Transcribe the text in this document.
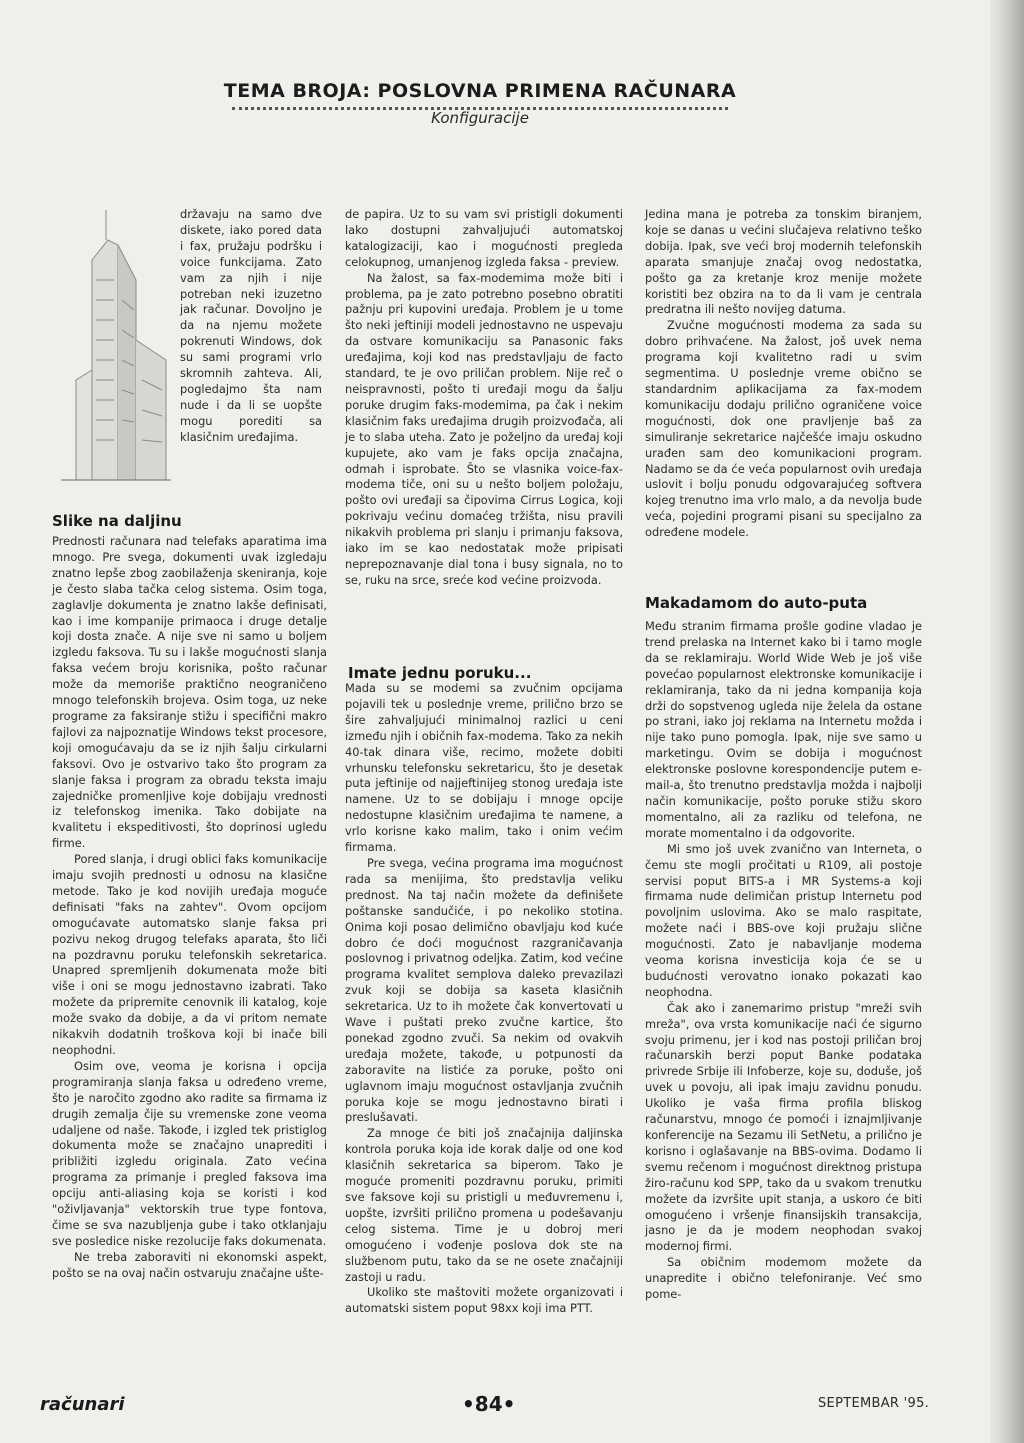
TEMA BROJA: POSLOVNA PRIMENA RAČUNARA
Konfiguracije

državaju na samo dve diskete, iako pored data i fax, pružaju podršku i voice funkcijama. Zato vam za njih i nije potreban neki izuzetno jak računar. Dovoljno je da na njemu možete pokrenuti Windows, dok su sami programi vrlo skromnih zahteva. Ali, pogledajmo šta nam nude i da li se uopšte mogu porediti sa klasičnim uređajima.

Slike na daljinu

Prednosti računara nad telefaks aparatima ima mnogo. Pre svega, dokumenti uvak izgledaju znatno lepše zbog zaobilaženja skeniranja, koje je često slaba tačka celog sistema. Osim toga, zaglavlje dokumenta je znatno lakše definisati, kao i ime kompanije primaoca i druge detalje koji dosta znače. A nije sve ni samo u boljem izgledu faksova. Tu su i lakše mogućnosti slanja faksa većem broju korisnika, pošto računar može da memoriše praktično neograničeno mnogo telefonskih brojeva. Osim toga, uz neke programe za faksiranje stižu i specifični makro fajlovi za najpoznatije Windows tekst procesore, koji omogućavaju da se iz njih šalju cirkularni faksovi. Ovo je ostvarivo tako što program za slanje faksa i program za obradu teksta imaju zajedničke promenljive koje dobijaju vrednosti iz telefonskog imenika. Tako dobijate na kvalitetu i ekspeditivosti, što doprinosi ugledu firme.

Pored slanja, i drugi oblici faks komunikacije imaju svojih prednosti u odnosu na klasične metode. Tako je kod novijih uređaja moguće definisati "faks na zahtev". Ovom opcijom omogućavate automatsko slanje faksa pri pozivu nekog drugog telefaks aparata, što liči na pozdravnu poruku telefonskih sekretarica. Unapred spremljenih dokumenata može biti više i oni se mogu jednostavno izabrati. Tako možete da pripremite cenovnik ili katalog, koje može svako da dobije, a da vi pritom nemate nikakvih dodatnih troškova koji bi inače bili neophodni.

Osim ove, veoma je korisna i opcija programiranja slanja faksa u određeno vreme, što je naročito zgodno ako radite sa firmama iz drugih zemalja čije su vremenske zone veoma udaljene od naše. Takođe, i izgled tek pristiglog dokumenta može se značajno unaprediti i približiti izgledu originala. Zato većina programa za primanje i pregled faksova ima opciju anti-aliasing koja se koristi i kod "oživljavanja" vektorskih true type fontova, čime se sva nazubljenja gube i tako otklanjaju sve posledice niske rezolucije faks dokumenata.

Ne treba zaboraviti ni ekonomski aspekt, pošto se na ovaj način ostvaruju značajne ušte-

de papira. Uz to su vam svi pristigli dokumenti lako dostupni zahvaljujući automatskoj katalogizaciji, kao i mogućnosti pregleda celokupnog, umanjenog izgleda faksa - preview.

Na žalost, sa fax-modemima može biti i problema, pa je zato potrebno posebno obratiti pažnju pri kupovini uređaja. Problem je u tome što neki jeftiniji modeli jednostavno ne uspevaju da ostvare komunikaciju sa Panasonic faks uređajima, koji kod nas predstavljaju de facto standard, te je ovo priličan problem. Nije reč o neispravnosti, pošto ti uređaji mogu da šalju poruke drugim faks-modemima, pa čak i nekim klasičnim faks uređajima drugih proizvođača, ali je to slaba uteha. Zato je poželjno da uređaj koji kupujete, ako vam je faks opcija značajna, odmah i isprobate. Što se vlasnika voice-fax-modema tiče, oni su u nešto boljem položaju, pošto ovi uređaji sa čipovima Cirrus Logica, koji pokrivaju većinu domaćeg tržišta, nisu pravili nikakvih problema pri slanju i primanju faksova, iako im se kao nedostatak može pripisati neprepoznavanje dial tona i busy signala, no to se, ruku na srce, sreće kod većine proizvoda.

Imate jednu poruku...

Mada su se modemi sa zvučnim opcijama pojavili tek u poslednje vreme, prilično brzo se šire zahvaljujući minimalnoj razlici u ceni između njih i običnih fax-modema. Tako za nekih 40-tak dinara više, recimo, možete dobiti vrhunsku telefonsku sekretaricu, što je desetak puta jeftinije od najjeftinijeg stonog uređaja iste namene. Uz to se dobijaju i mnoge opcije nedostupne klasičnim uređajima te namene, a vrlo korisne kako malim, tako i onim većim firmama.

Pre svega, većina programa ima mogućnost rada sa menijima, što predstavlja veliku prednost. Na taj način možete da definišete poštanske sandučiće, i po nekoliko stotina. Onima koji posao delimično obavljaju kod kuće dobro će doći mogućnost razgraničavanja poslovnog i privatnog odeljka. Zatim, kod većine programa kvalitet semplova daleko prevazilazi zvuk koji se dobija sa kaseta klasičnih sekretarica. Uz to ih možete čak konvertovati u Wave i puštati preko zvučne kartice, što ponekad zgodno zvuči. Sa nekim od ovakvih uređaja možete, takođe, u potpunosti da zaboravite na listiće za poruke, pošto oni uglavnom imaju mogućnost ostavljanja zvučnih poruka koje se mogu jednostavno birati i preslušavati.

Za mnoge će biti još značajnija daljinska kontrola poruka koja ide korak dalje od one kod klasičnih sekretarica sa biperom. Tako je moguće promeniti pozdravnu poruku, primiti sve faksove koji su pristigli u međuvremenu i, uopšte, izvršiti prilično promena u podešavanju celog sistema. Time je u dobroj meri omogućeno i vođenje poslova dok ste na službenom putu, tako da se ne osete značajniji zastoji u radu.

Ukoliko ste maštoviti možete organizovati i automatski sistem poput 98xx koji ima PTT.

Jedina mana je potreba za tonskim biranjem, koje se danas u većini slučajeva relativno teško dobija. Ipak, sve veći broj modernih telefonskih aparata smanjuje značaj ovog nedostatka, pošto ga za kretanje kroz menije možete koristiti bez obzira na to da li vam je centrala predratna ili nešto novijeg datuma.

Zvučne mogućnosti modema za sada su dobro prihvaćene. Na žalost, još uvek nema programa koji kvalitetno radi u svim segmentima. U poslednje vreme obično se standardnim aplikacijama za fax-modem komunikaciju dodaju prilično ograničene voice mogućnosti, dok one pravljenje baš za simuliranje sekretarice najčešće imaju oskudno urađen sam deo komunikacioni program. Nadamo se da će veća popularnost ovih uređaja uslovit i bolju ponudu odgovarajućeg softvera kojeg trenutno ima vrlo malo, a da nevolja bude veća, pojedini programi pisani su specijalno za određene modele.

Makadamom do auto-puta

Među stranim firmama prošle godine vladao je trend prelaska na Internet kako bi i tamo mogle da se reklamiraju. World Wide Web je još više povećao popularnost elektronske komunikacije i reklamiranja, tako da ni jedna kompanija koja drži do sopstvenog ugleda nije želela da ostane po strani, iako joj reklama na Internetu možda i nije tako puno pomogla. Ipak, nije sve samo u marketingu. Ovim se dobija i mogućnost elektronske poslovne korespondencije putem e-mail-a, što trenutno predstavlja možda i najbolji način komunikacije, pošto poruke stižu skoro momentalno, ali za razliku od telefona, ne morate momentalno i da odgovorite.

Mi smo još uvek zvanično van Interneta, o čemu ste mogli pročitati u R109, ali postoje servisi poput BITS-a i MR Systems-a koji firmama nude delimičan pristup Internetu pod povoljnim uslovima. Ako se malo raspitate, možete naći i BBS-ove koji pružaju slične mogućnosti. Zato je nabavljanje modema veoma korisna investicija koja će se u budućnosti verovatno ionako pokazati kao neophodna.

Čak ako i zanemarimo pristup "mreži svih mreža", ova vrsta komunikacije naći će sigurno svoju primenu, jer i kod nas postoji priličan broj računarskih berzi poput Banke podataka privrede Srbije ili Infoberze, koje su, doduše, još uvek u povoju, ali ipak imaju zavidnu ponudu. Ukoliko je vaša firma profila bliskog računarstvu, mnogo će pomoći i iznajmljivanje konferencije na Sezamu ili SetNetu, a prilično je korisno i oglašavanje na BBS-ovima. Dodamo li svemu rečenom i mogućnost direktnog pristupa žiro-računu kod SPP, tako da u svakom trenutku možete da izvršite upit stanja, a uskoro će biti omogućeno i vršenje finansijskih transakcija, jasno je da je modem neophodan svakoj modernoj firmi.

Sa običnim modemom možete da unapredite i obično telefoniranje. Već smo pome-

računari	•84•	SEPTEMBAR '95.
